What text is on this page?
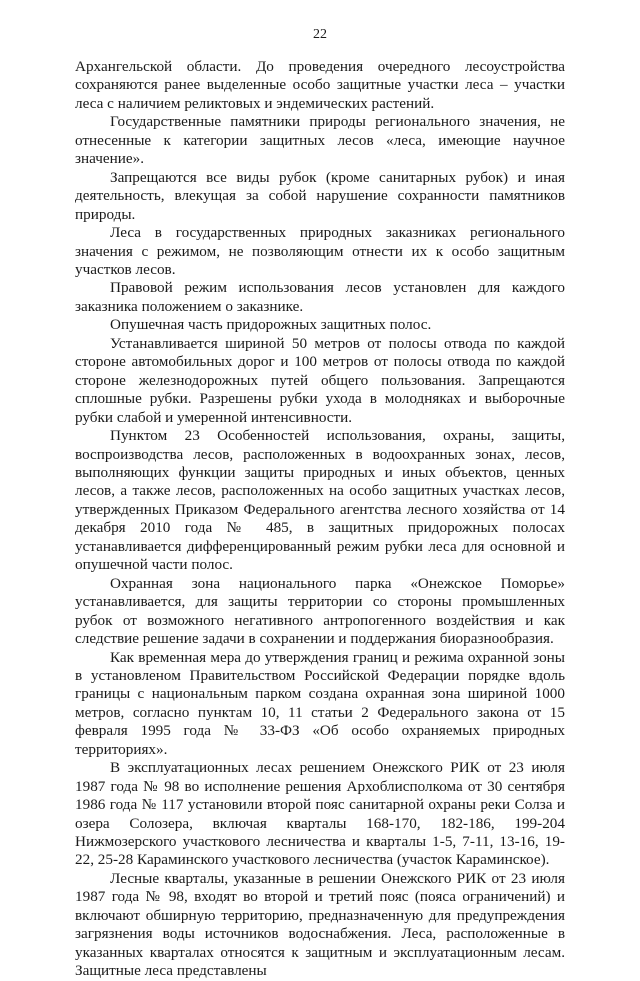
22

Архангельской области. До проведения очередного лесоустройства сохраняются ранее выделенные особо защитные участки леса – участки леса с наличием реликтовых и эндемических растений.

Государственные памятники природы регионального значения, не отнесенные к категории защитных лесов «леса, имеющие научное значение».

Запрещаются все виды рубок (кроме санитарных рубок) и иная деятельность, влекущая за собой нарушение сохранности памятников природы.

Леса в государственных природных заказниках регионального значения с режимом, не позволяющим отнести их к особо защитным участков лесов.

Правовой режим использования лесов установлен для каждого заказника положением о заказнике.

Опушечная часть придорожных защитных полос.

Устанавливается шириной 50 метров от полосы отвода по каждой стороне автомобильных дорог и 100 метров от полосы отвода по каждой стороне железнодорожных путей общего пользования. Запрещаются сплошные рубки. Разрешены рубки ухода в молодняках и выборочные рубки слабой и умеренной интенсивности.

Пунктом 23 Особенностей использования, охраны, защиты, воспроизводства лесов, расположенных в водоохранных зонах, лесов, выполняющих функции защиты природных и иных объектов, ценных лесов, а также лесов, расположенных на особо защитных участках лесов, утвержденных Приказом Федерального агентства лесного хозяйства от 14 декабря 2010 года № 485, в защитных придорожных полосах устанавливается дифференцированный режим рубки леса для основной и опушечной части полос.

Охранная зона национального парка «Онежское Поморье» устанавливается, для защиты территории со стороны промышленных рубок от возможного негативного антропогенного воздействия и как следствие решение задачи в сохранении и поддержания биоразнообразия.

Как временная мера до утверждения границ и режима охранной зоны в установленом Правительством Российской Федерации порядке вдоль границы с национальным парком создана охранная зона шириной 1000 метров, согласно пунктам 10, 11 статьи 2 Федерального закона от 15 февраля 1995 года № 33-ФЗ «Об особо охраняемых природных территориях».

В эксплуатационных лесах решением Онежского РИК от 23 июля 1987 года № 98 во исполнение решения Архоблисполкома от 30 сентября 1986 года № 117 установили второй пояс санитарной охраны реки Солза и озера Солозера, включая кварталы 168-170, 182-186, 199-204 Нижмозерского участкового лесничества и кварталы 1-5, 7-11, 13-16, 19-22, 25-28 Караминского участкового лесничества (участок Караминское).

Лесные кварталы, указанные в решении Онежского РИК от 23 июля 1987 года № 98, входят во второй и третий пояс (пояса ограничений) и включают обширную территорию, предназначенную для предупреждения загрязнения воды источников водоснабжения. Леса, расположенные в указанных кварталах относятся к защитным и эксплуатационным лесам. Защитные леса представлены
